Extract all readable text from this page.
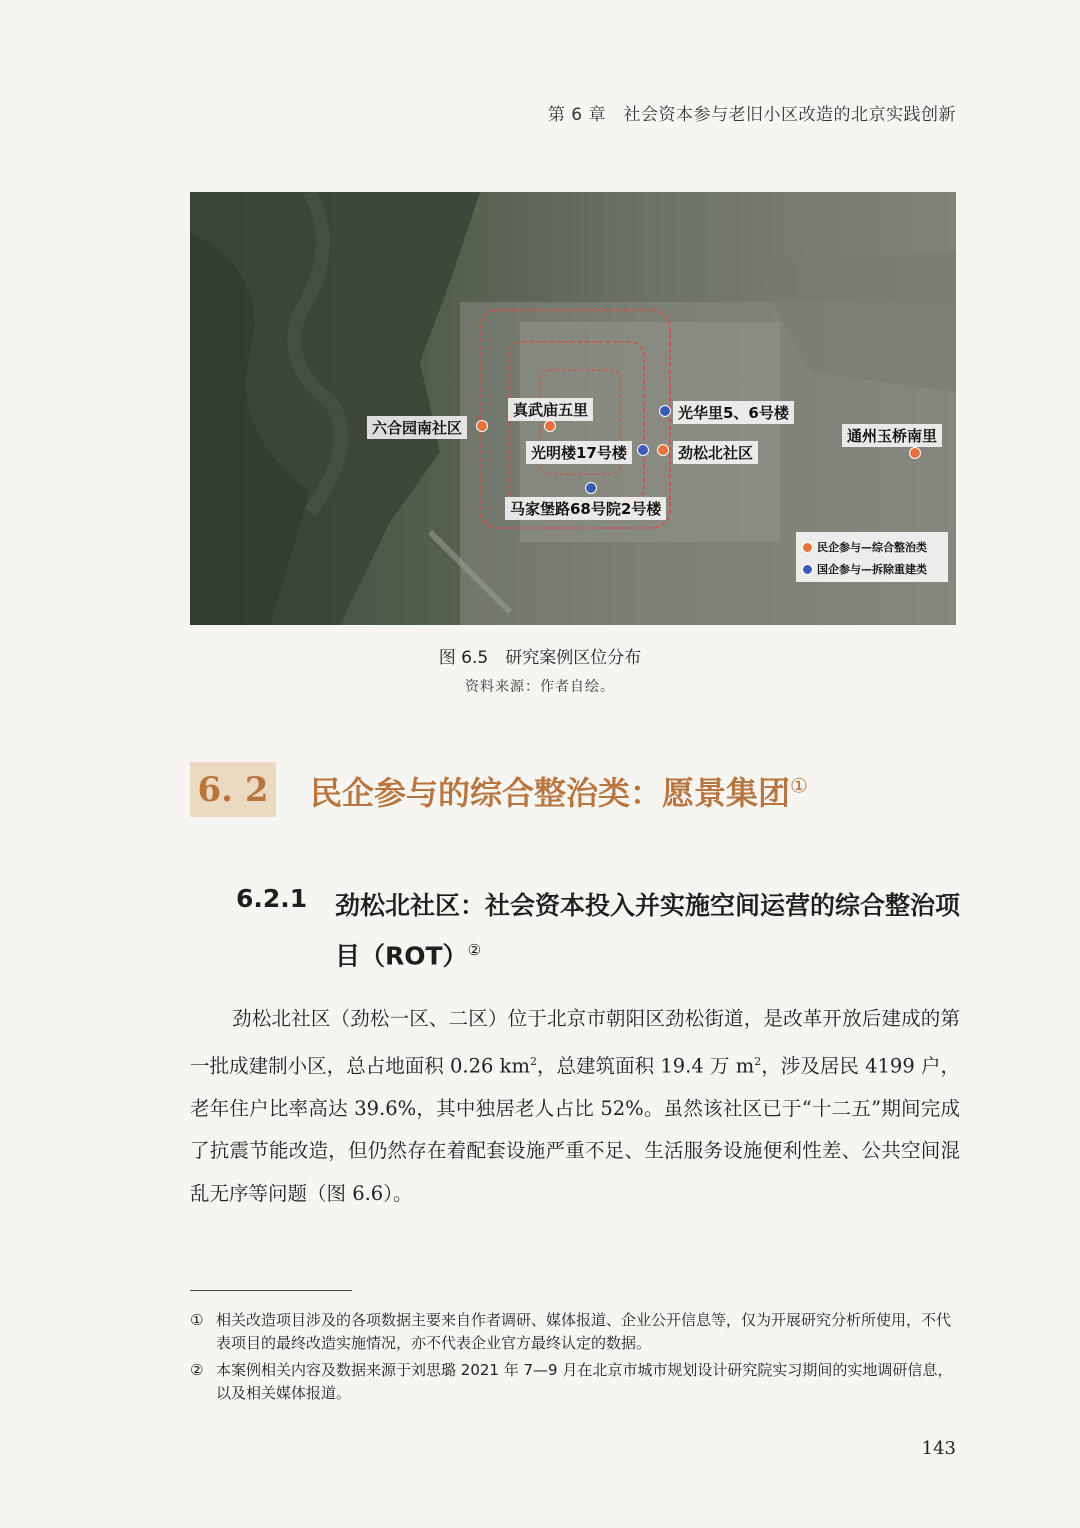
第 6 章　社会资本参与老旧小区改造的北京实践创新
六合园南社区
真武庙五里	光华里5、6号楼
光明楼17号楼	劲松北社区
马家堡路68号院2号楼
通州玉桥南里
民企参与—综合整治类
国企参与—拆除重建类
图 6.5　研究案例区位分布
资料来源：作者自绘。
6. 2 民企参与的综合整治类：愿景集团①
6.2.1 劲松北社区：社会资本投入并实施空间运营的综合整治项目（ROT）②
劲松北社区（劲松一区、二区）位于北京市朝阳区劲松街道，是改革开放后建成的第一批成建制小区，总占地面积 0.26 $km^2$，总建筑面积 19.4 万 $m^2$，涉及居民 4199 户，老年住户比率高达 39.6%，其中独居老人占比 52%。虽然该社区已于“十二五”期间完成了抗震节能改造，但仍然存在着配套设施严重不足、生活服务设施便利性差、公共空间混乱无序等问题（图 6.6）。
① 相关改造项目涉及的各项数据主要来自作者调研、媒体报道、企业公开信息等，仅为开展研究分析所使用，不代表项目的最终改造实施情况，亦不代表企业官方最终认定的数据。
② 本案例相关内容及数据来源于刘思璐 2021 年 7—9 月在北京市城市规划设计研究院实习期间的实地调研信息，以及相关媒体报道。
143
